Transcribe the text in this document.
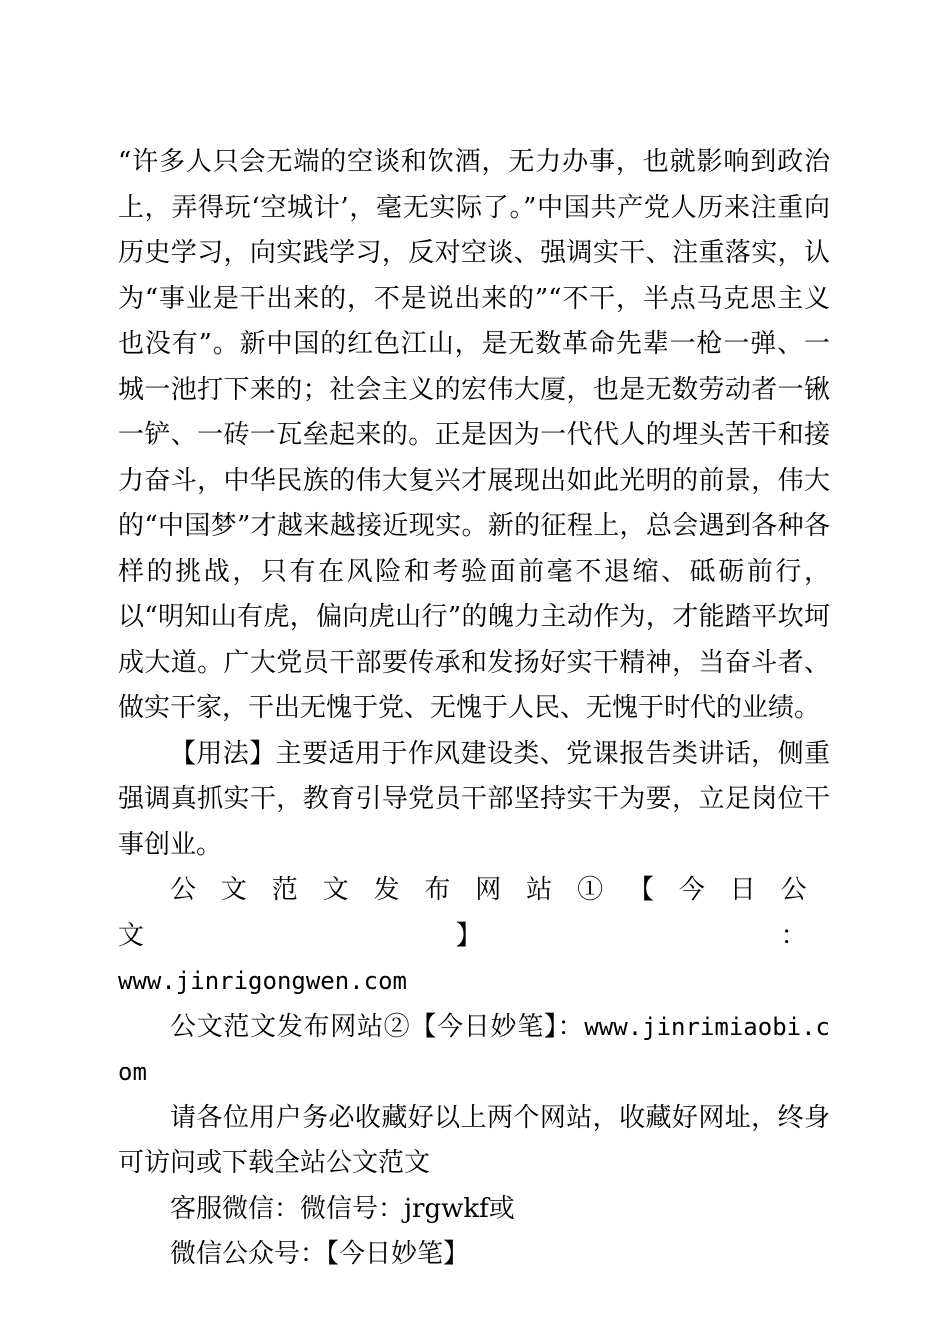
“许多人只会无端的空谈和饮酒，无力办事，也就影响到政治上，弄得玩‘空城计’，毫无实际了。”中国共产党人历来注重向历史学习，向实践学习，反对空谈、强调实干、注重落实，认为“事业是干出来的，不是说出来的”“不干，半点马克思主义也没有”。新中国的红色江山，是无数革命先辈一枪一弹、一城一池打下来的；社会主义的宏伟大厦，也是无数劳动者一锹一铲、一砖一瓦垒起来的。正是因为一代代人的埋头苦干和接力奋斗，中华民族的伟大复兴才展现出如此光明的前景，伟大的“中国梦”才越来越接近现实。新的征程上，总会遇到各种各样的挑战，只有在风险和考验面前毫不退缩、砥砺前行，以“明知山有虎，偏向虎山行”的魄力主动作为，才能踏平坎坷成大道。广大党员干部要传承和发扬好实干精神，当奋斗者、做实干家，干出无愧于党、无愧于人民、无愧于时代的业绩。

【用法】主要适用于作风建设类、党课报告类讲话，侧重强调真抓实干，教育引导党员干部坚持实干为要，立足岗位干事创业。

公文范文发布网站①【今日公文】：

www.jinrigongwen.com

公文范文发布网站②【今日妙笔】：www.jinrimiaobi.com

请各位用户务必收藏好以上两个网站，收藏好网址，终身可访问或下载全站公文范文

客服微信：微信号：jrgwkf或

微信公众号：【今日妙笔】
